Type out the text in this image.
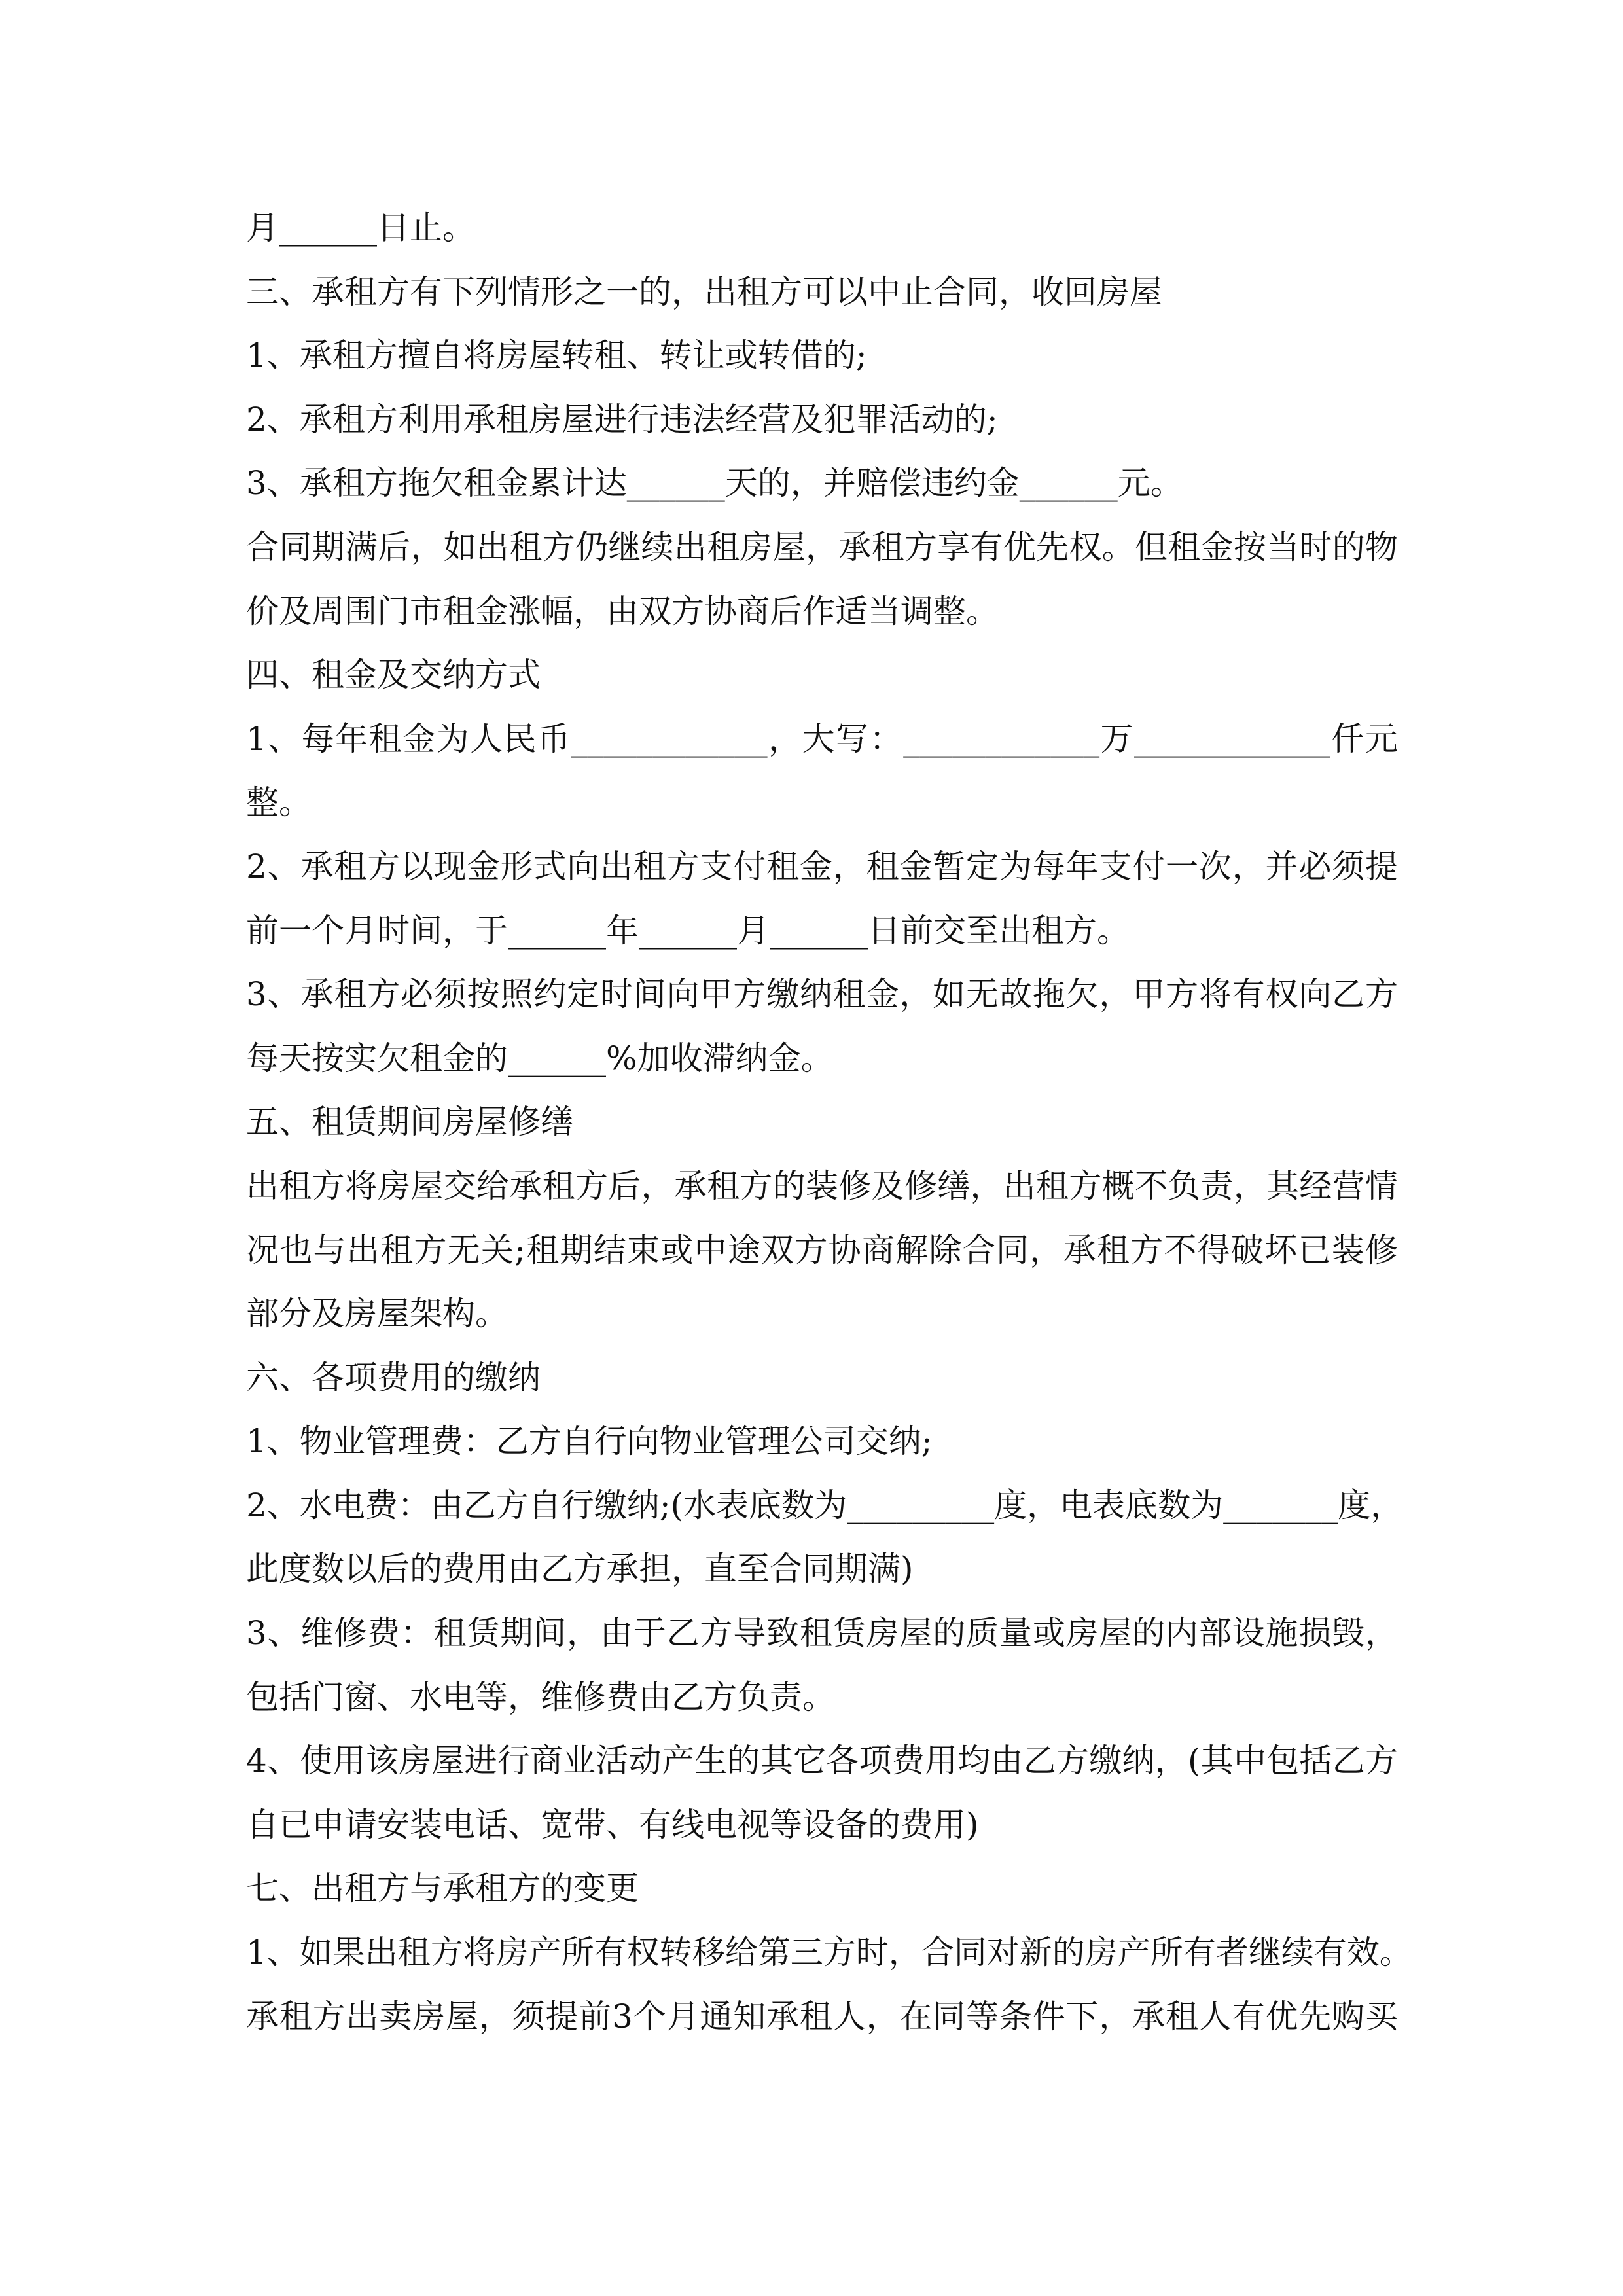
月______日止。
三、承租方有下列情形之一的，出租方可以中止合同，收回房屋
1、承租方擅自将房屋转租、转让或转借的;
2、承租方利用承租房屋进行违法经营及犯罪活动的;
3、承租方拖欠租金累计达______天的，并赔偿违约金______元。
合同期满后，如出租方仍继续出租房屋，承租方享有优先权。但租金按当时的物
价及周围门市租金涨幅，由双方协商后作适当调整。
四、租金及交纳方式
1、每年租金为人民币____________，大写：____________万____________仟元
整。
2、承租方以现金形式向出租方支付租金，租金暂定为每年支付一次，并必须提
前一个月时间，于______年______月______日前交至出租方。
3、承租方必须按照约定时间向甲方缴纳租金，如无故拖欠，甲方将有权向乙方
每天按实欠租金的______%加收滞纳金。
五、租赁期间房屋修缮
出租方将房屋交给承租方后，承租方的装修及修缮，出租方概不负责，其经营情
况也与出租方无关;租期结束或中途双方协商解除合同，承租方不得破坏已装修
部分及房屋架构。
六、各项费用的缴纳
1、物业管理费：乙方自行向物业管理公司交纳;
2、水电费：由乙方自行缴纳;(水表底数为_________度，电表底数为_______度，
此度数以后的费用由乙方承担，直至合同期满)
3、维修费：租赁期间，由于乙方导致租赁房屋的质量或房屋的内部设施损毁，
包括门窗、水电等，维修费由乙方负责。
4、使用该房屋进行商业活动产生的其它各项费用均由乙方缴纳，(其中包括乙方
自已申请安装电话、宽带、有线电视等设备的费用)
七、出租方与承租方的变更
1、如果出租方将房产所有权转移给第三方时，合同对新的房产所有者继续有效。
承租方出卖房屋，须提前3个月通知承租人，在同等条件下，承租人有优先购买
